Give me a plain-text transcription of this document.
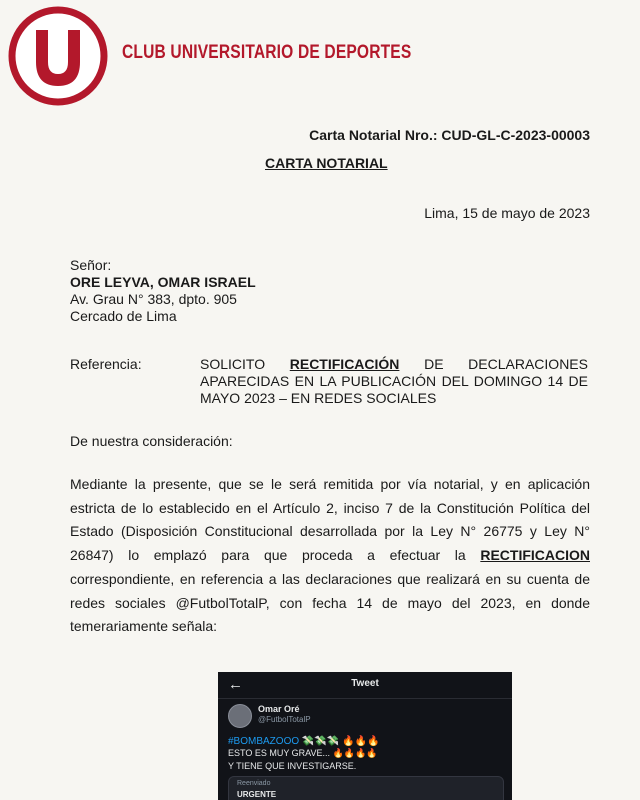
CLUB UNIVERSITARIO DE DEPORTES
Carta Notarial Nro.: CUD-GL-C-2023-00003
CARTA NOTARIAL
Lima, 15 de mayo de 2023
Señor:
ORE LEYVA, OMAR ISRAEL
Av. Grau N° 383, dpto. 905
Cercado de Lima
Referencia:	SOLICITO RECTIFICACIÓN DE DECLARACIONES APARECIDAS EN LA PUBLICACIÓN DEL DOMINGO 14 DE MAYO 2023 – EN REDES SOCIALES
De nuestra consideración:
Mediante la presente, que se le será remitida por vía notarial, y en aplicación estricta de lo establecido en el Artículo 2, inciso 7 de la Constitución Política del Estado (Disposición Constitucional desarrollada por la Ley N° 26775 y Ley N° 26847) lo emplazó para que proceda a efectuar la RECTIFICACION correspondiente, en referencia a las declaraciones que realizará en su cuenta de redes sociales @FutbolTotalP, con fecha 14 de mayo del 2023, en donde temerariamente señala:
←	Tweet
Omar Oré
@FutbolTotalP
#BOMBAZOOO 💸💸💸 🔥🔥🔥
ESTO ES MUY GRAVE... 🔥🔥🔥🔥
Y TIENE QUE INVESTIGARSE.
Reenviado
URGENTE
